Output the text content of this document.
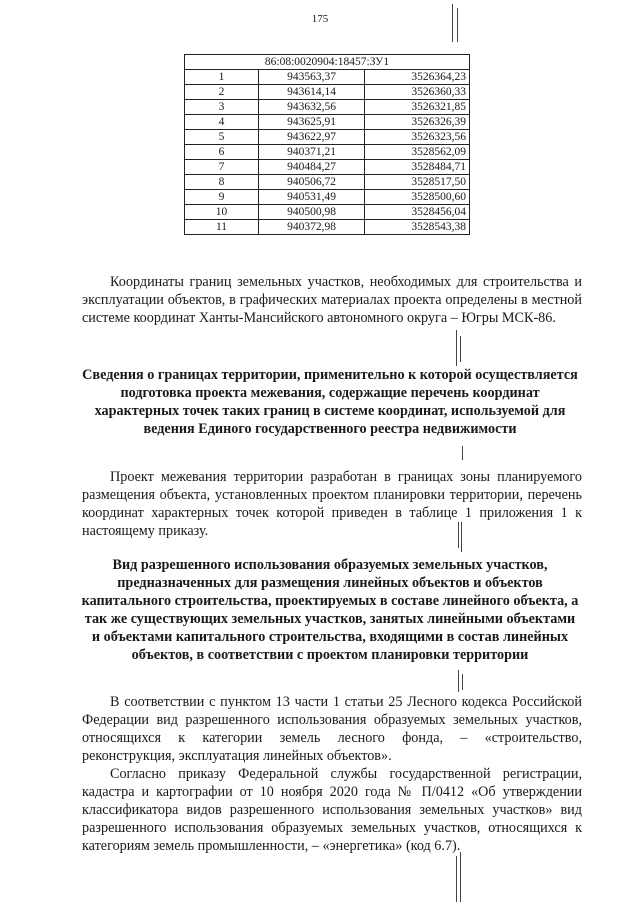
175
86:08:0020904:18457:ЗУ1		
1	943563,37	3526364,23
2	943614,14	3526360,33
3	943632,56	3526321,85
4	943625,91	3526326,39
5	943622,97	3526323,56
6	940371,21	3528562,09
7	940484,27	3528484,71
8	940506,72	3528517,50
9	940531,49	3528500,60
10	940500,98	3528456,04
11	940372,98	3528543,38

Координаты границ земельных участков, необходимых для строительства и эксплуатации объектов, в графических материалах проекта определены в местной системе координат Ханты-Мансийского автономного округа – Югры МСК-86.

Сведения о границах территории, применительно к которой осуществляется подготовка проекта межевания, содержащие перечень координат характерных точек таких границ в системе координат, используемой для ведения Единого государственного реестра недвижимости

Проект межевания территории разработан в границах зоны планируемого размещения объекта, установленных проектом планировки территории, перечень координат характерных точек которой приведен в таблице 1 приложения 1 к настоящему приказу.

Вид разрешенного использования образуемых земельных участков, предназначенных для размещения линейных объектов и объектов капитального строительства, проектируемых в составе линейного объекта, а так же существующих земельных участков, занятых линейными объектами и объектами капитального строительства, входящими в состав линейных объектов, в соответствии с проектом планировки территории

В соответствии с пунктом 13 части 1 статьи 25 Лесного кодекса Российской Федерации вид разрешенного использования образуемых земельных участков, относящихся к категории земель лесного фонда, – «строительство, реконструкция, эксплуатация линейных объектов».

Согласно приказу Федеральной службы государственной регистрации, кадастра и картографии от 10 ноября 2020 года № П/0412 «Об утверждении классификатора видов разрешенного использования земельных участков» вид разрешенного использования образуемых земельных участков, относящихся к категориям земель промышленности, – «энергетика» (код 6.7).
